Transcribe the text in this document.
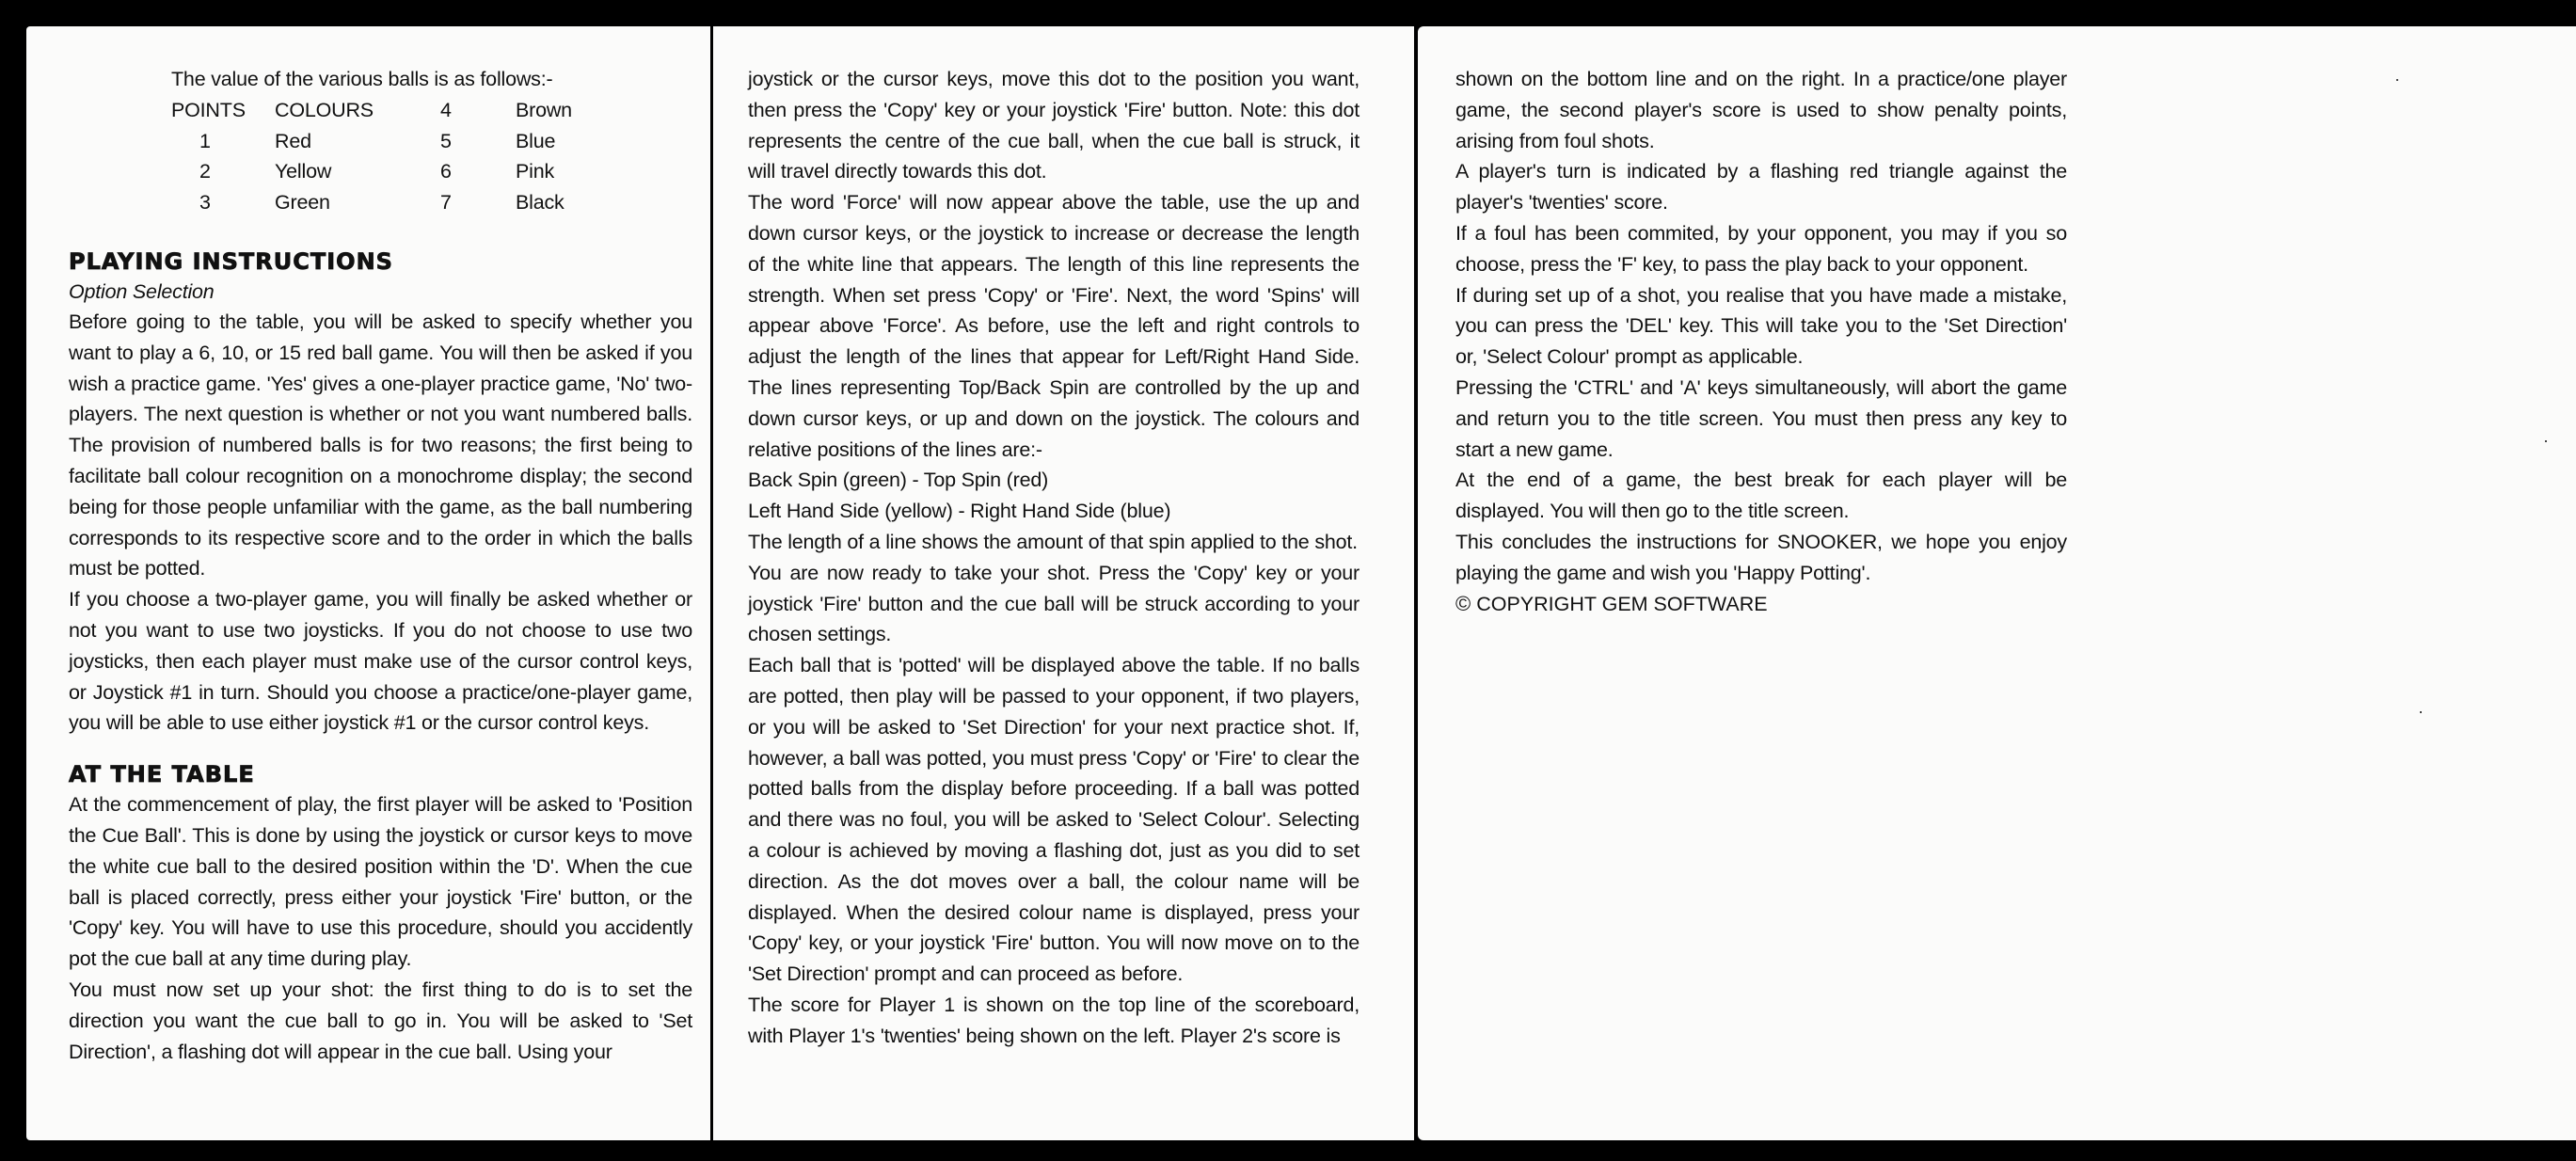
The value of the various balls is as follows:-

POINTS	COLOURS	4	Brown
1	Red	5	Blue
2	Yellow	6	Pink
3	Green	7	Black
PLAYING INSTRUCTIONS

Option Selection

Before going to the table, you will be asked to specify whether you want to play a 6, 10, or 15 red ball game. You will then be asked if you wish a practice game. 'Yes' gives a one-player practice game, 'No' two-players. The next question is whether or not you want numbered balls. The provision of numbered balls is for two reasons; the first being to facilitate ball colour recognition on a monochrome display; the second being for those people unfamiliar with the game, as the ball numbering corresponds to its respective score and to the order in which the balls must be potted.

If you choose a two-player game, you will finally be asked whether or not you want to use two joysticks. If you do not choose to use two joysticks, then each player must make use of the cursor control keys, or Joystick #1 in turn. Should you choose a practice/one-player game, you will be able to use either joystick #1 or the cursor control keys.

AT THE TABLE

At the commencement of play, the first player will be asked to 'Position the Cue Ball'. This is done by using the joystick or cursor keys to move the white cue ball to the desired position within the 'D'. When the cue ball is placed correctly, press either your joystick 'Fire' button, or the 'Copy' key. You will have to use this procedure, should you accidently pot the cue ball at any time during play.

You must now set up your shot: the first thing to do is to set the direction you want the cue ball to go in. You will be asked to 'Set Direction', a flashing dot will appear in the cue ball. Using your

joystick or the cursor keys, move this dot to the position you want, then press the 'Copy' key or your joystick 'Fire' button. Note: this dot represents the centre of the cue ball, when the cue ball is struck, it will travel directly towards this dot.

The word 'Force' will now appear above the table, use the up and down cursor keys, or the joystick to increase or decrease the length of the white line that appears. The length of this line represents the strength. When set press 'Copy' or 'Fire'. Next, the word 'Spins' will appear above 'Force'. As before, use the left and right controls to adjust the length of the lines that appear for Left/Right Hand Side. The lines representing Top/Back Spin are controlled by the up and down cursor keys, or up and down on the joystick. The colours and relative positions of the lines are:-

Back Spin (green) - Top Spin (red)

Left Hand Side (yellow) - Right Hand Side (blue)

The length of a line shows the amount of that spin applied to the shot.

You are now ready to take your shot. Press the 'Copy' key or your joystick 'Fire' button and the cue ball will be struck according to your chosen settings.

Each ball that is 'potted' will be displayed above the table. If no balls are potted, then play will be passed to your opponent, if two players, or you will be asked to 'Set Direction' for your next practice shot. If, however, a ball was potted, you must press 'Copy' or 'Fire' to clear the potted balls from the display before proceeding. If a ball was potted and there was no foul, you will be asked to 'Select Colour'. Selecting a colour is achieved by moving a flashing dot, just as you did to set direction. As the dot moves over a ball, the colour name will be displayed. When the desired colour name is displayed, press your 'Copy' key, or your joystick 'Fire' button. You will now move on to the 'Set Direction' prompt and can proceed as before.

The score for Player 1 is shown on the top line of the scoreboard, with Player 1's 'twenties' being shown on the left. Player 2's score is

shown on the bottom line and on the right. In a practice/one player game, the second player's score is used to show penalty points, arising from foul shots.

A player's turn is indicated by a flashing red triangle against the player's 'twenties' score.

If a foul has been commited, by your opponent, you may if you so choose, press the 'F' key, to pass the play back to your opponent.

If during set up of a shot, you realise that you have made a mistake, you can press the 'DEL' key. This will take you to the 'Set Direction' or, 'Select Colour' prompt as applicable.

Pressing the 'CTRL' and 'A' keys simultaneously, will abort the game and return you to the title screen. You must then press any key to start a new game.

At the end of a game, the best break for each player will be displayed. You will then go to the title screen.

This concludes the instructions for SNOOKER, we hope you enjoy playing the game and wish you 'Happy Potting'.

© COPYRIGHT GEM SOFTWARE
